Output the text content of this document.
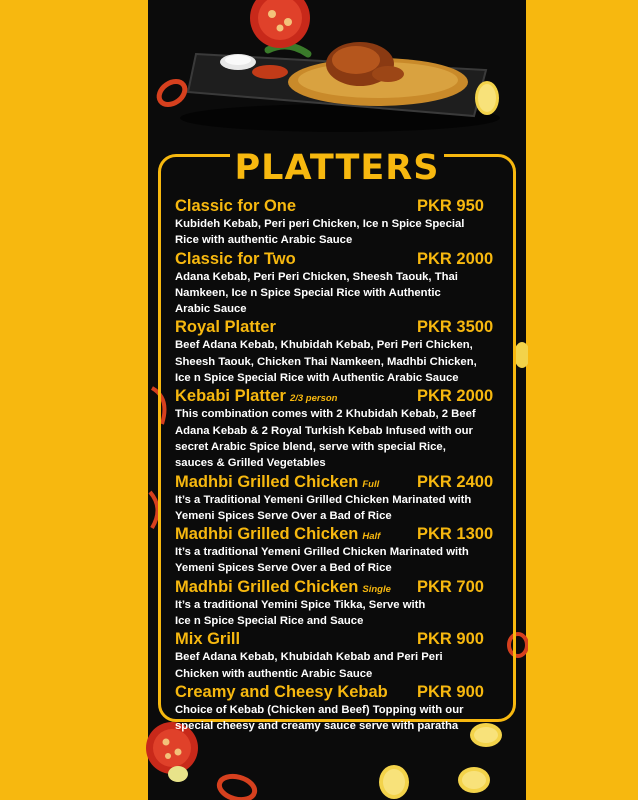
PLATTERS
Classic for One	PKR 950
Kubideh Kebab, Peri peri Chicken, Ice n Spice Special
Rice with authentic Arabic Sauce
Classic for Two	PKR 2000
Adana Kebab, Peri Peri Chicken, Sheesh Taouk, Thai
Namkeen, Ice n Spice Special Rice with Authentic
Arabic Sauce
Royal Platter	PKR 3500
Beef Adana Kebab, Khubidah Kebab, Peri Peri Chicken,
Sheesh Taouk, Chicken Thai Namkeen, Madhbi Chicken,
Ice n Spice Special Rice with Authentic Arabic Sauce
Kebabi Platter 2/3 person	PKR 2000
This combination comes with 2 Khubidah Kebab, 2 Beef
Adana Kebab & 2 Royal Turkish Kebab Infused with our
secret Arabic Spice blend, serve with special Rice,
sauces & Grilled Vegetables
Madhbi Grilled Chicken Full PKR 2400
It’s a Traditional Yemeni Grilled Chicken Marinated with
Yemeni Spices Serve Over a Bad of Rice
Madhbi Grilled Chicken Half PKR 1300
It’s a traditional Yemeni Grilled Chicken Marinated with
Yemeni Spices Serve Over a Bed of Rice
Madhbi Grilled Chicken Single PKR 700
It’s a traditional Yemini Spice Tikka, Serve with
Ice n Spice Special Rice and Sauce
Mix Grill	PKR 900
Beef Adana Kebab, Khubidah Kebab and Peri Peri
Chicken with authentic Arabic Sauce
Creamy and Cheesy Kebab PKR 900
Choice of Kebab (Chicken and Beef) Topping with our
special cheesy and creamy sauce serve with paratha
